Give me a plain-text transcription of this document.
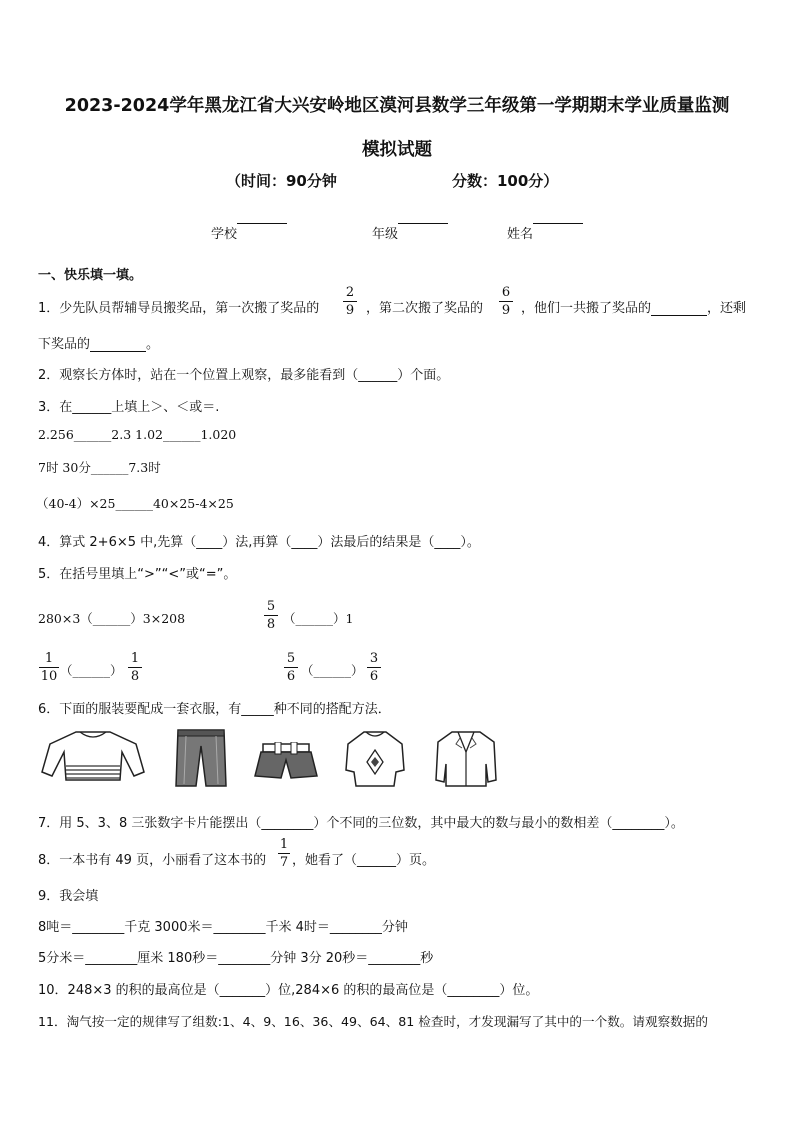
2023-2024学年黑龙江省大兴安岭地区漠河县数学三年级第一学期期末学业质量监测
模拟试题
（时间：90分钟	分数：100分）
学校	年级	姓名
一、快乐填一填。
1．少先队员帮辅导员搬奖品，第一次搬了奖品的
2
9 ，第二次搬了奖品的
6
9 ，他们一共搬了奖品的	，还剩
下奖品的	。
2．观察长方体时，站在一个位置上观察，最多能看到（______）个面。
3．在______上填上＞、＜或＝.
2.256______2.3 1.02______1.020
7时 30分______7.3时
（40-4）×25______40×25-4×25
4．算式 2+6×5 中,先算（____）法,再算（____）法最后的结果是（____）。
5．在括号里填上“>”“<”或“=”。
280×3（______）3×208
5
8 （______）1
1
10 （______）
1
8
5
6 （______）
3
6
6．下面的服装要配成一套衣服，有_____种不同的搭配方法．
7．用 5、3、8 三张数字卡片能摆出（________）个不同的三位数，其中最大的数与最小的数相差（________）。
8．一本书有 49 页，小丽看了这本书的
1
7 ，她看了（______）页。
9．我会填
8吨＝________千克 3000米＝________千米 4时＝________分钟
5分米＝________厘米 180秒＝________分钟 3分 20秒＝________秒
10．248×3 的积的最高位是（_______）位,284×6 的积的最高位是（________）位。
11．淘气按一定的规律写了组数:1、4、9、16、36、49、64、81 检查时，才发现漏写了其中的一个数。请观察数据的
